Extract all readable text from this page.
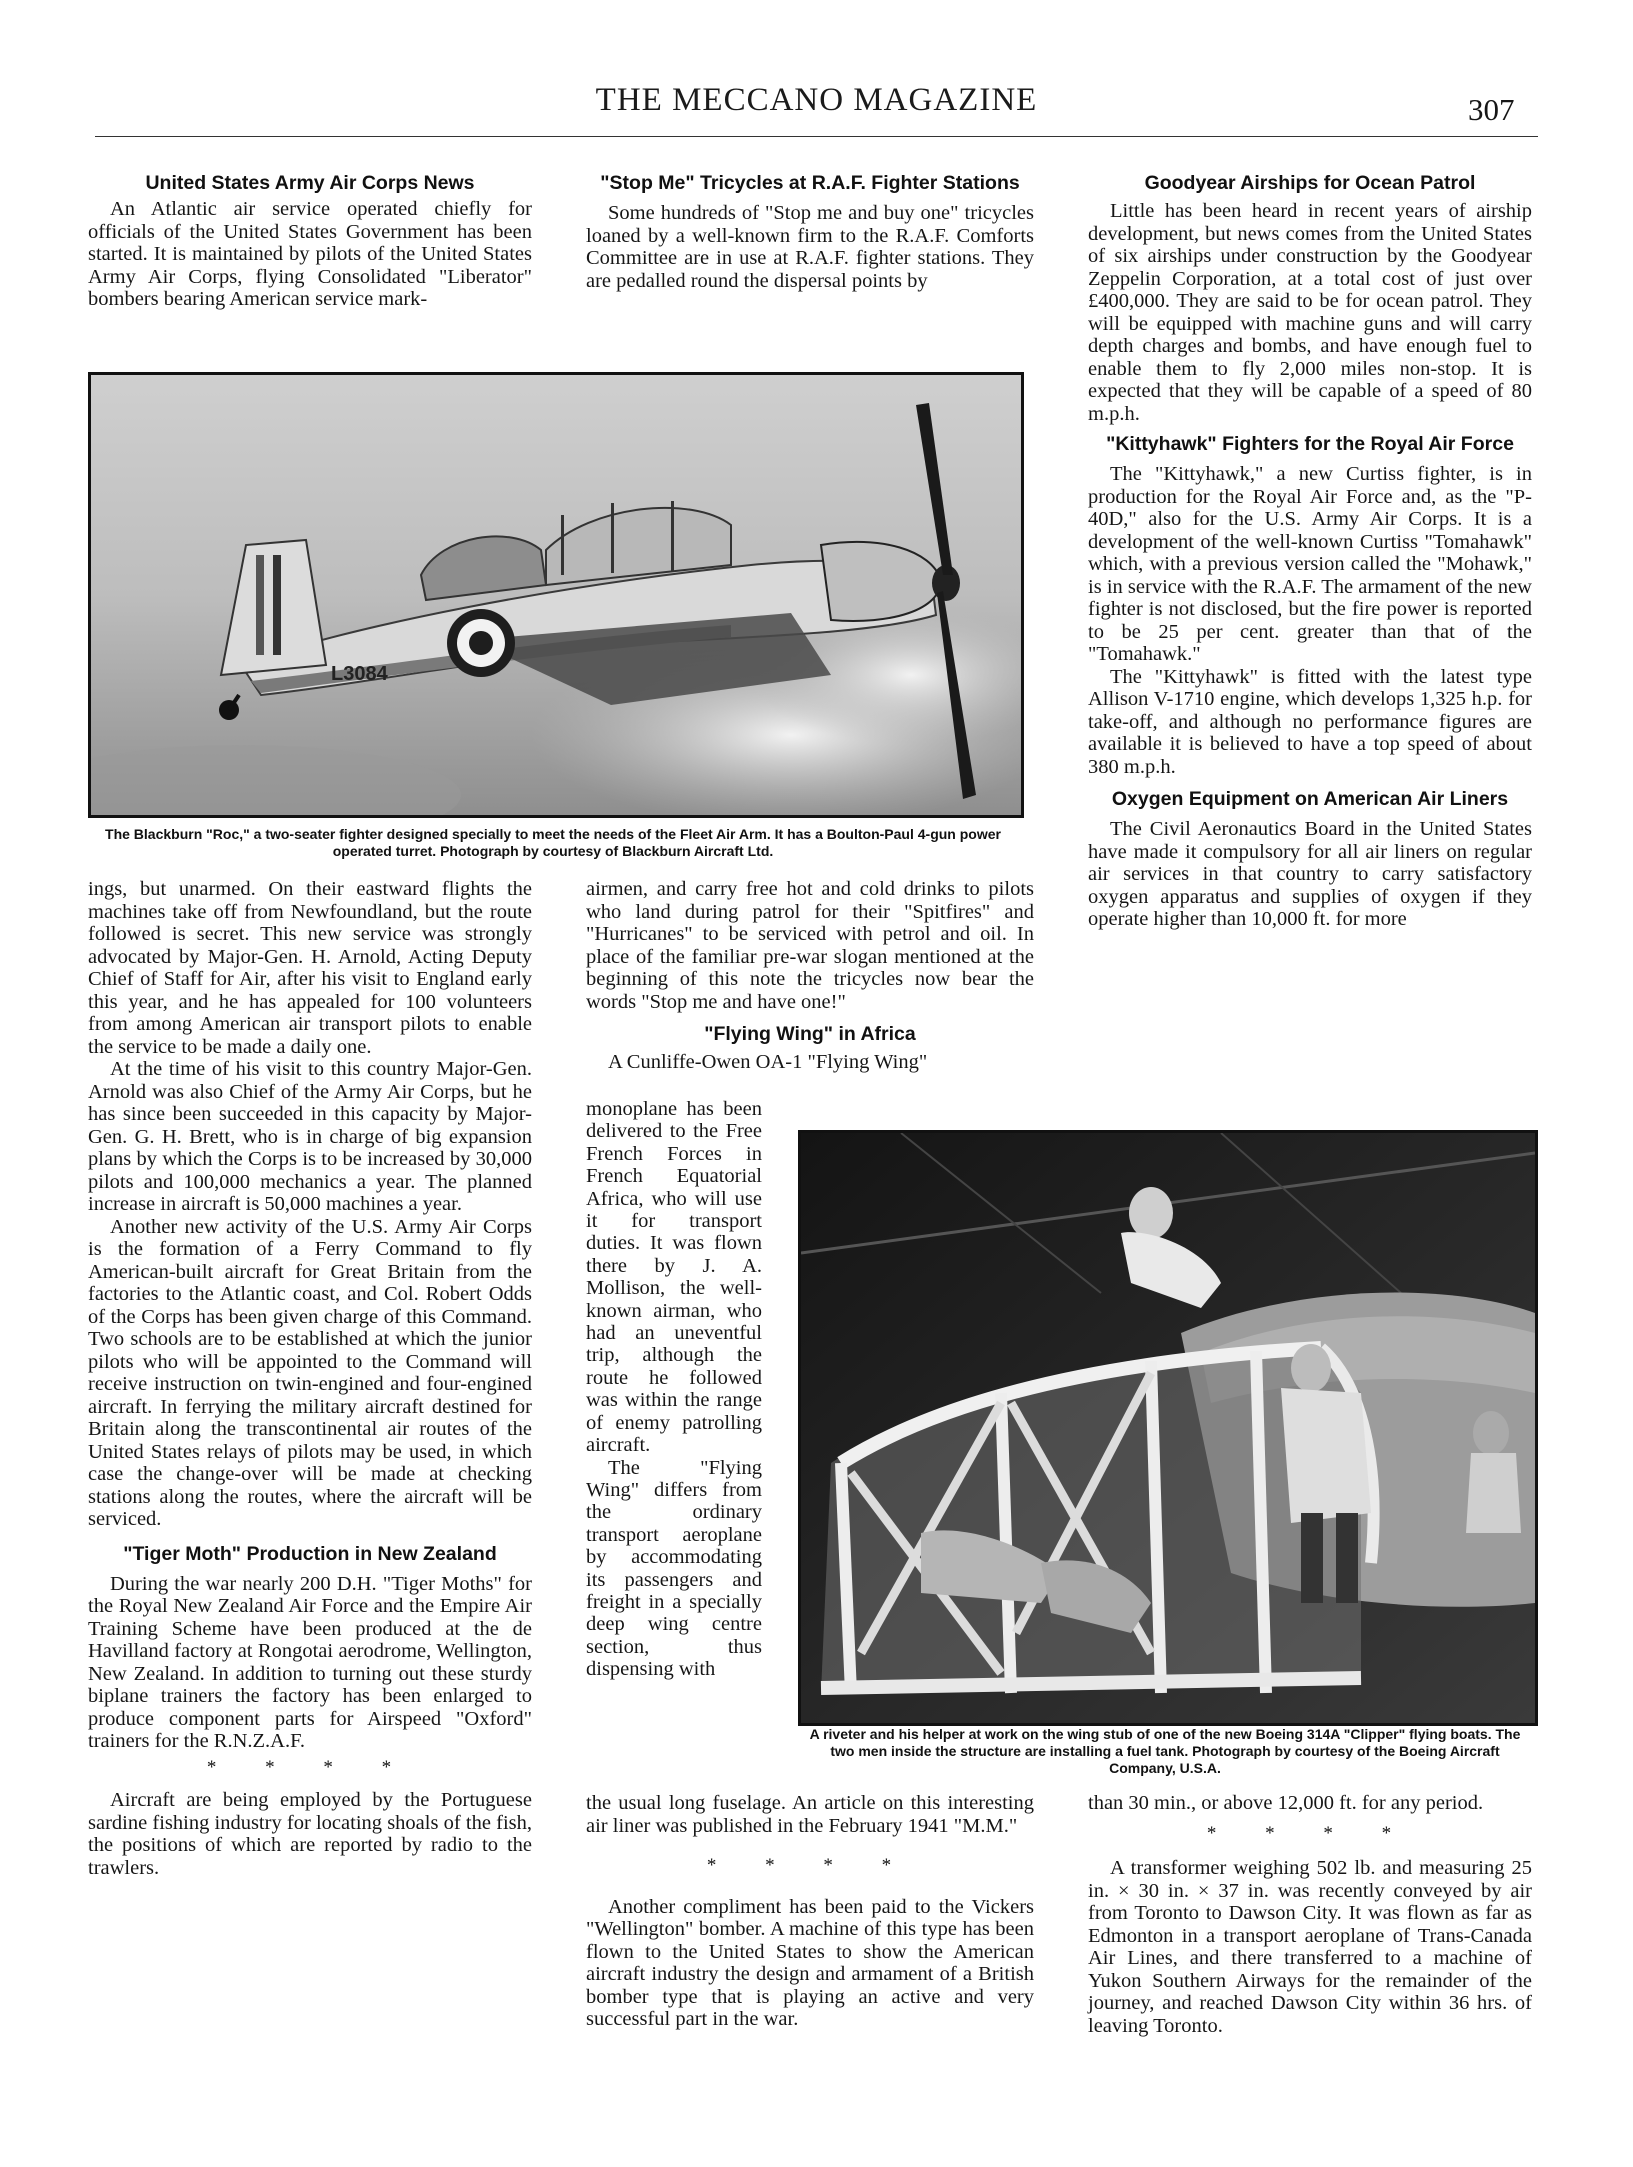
THE MECCANO MAGAZINE	307
United States Army Air Corps News

An Atlantic air service operated chiefly for officials of the United States Government has been started. It is maintained by pilots of the United States Army Air Corps, flying Consolidated "Liberator" bombers bearing American service mark-

"Stop Me" Tricycles at R.A.F. Fighter Stations

Some hundreds of "Stop me and buy one" tricycles loaned by a well-known firm to the R.A.F. Comforts Committee are in use at R.A.F. fighter stations. They are pedalled round the dispersal points by

L3084
The Blackburn "Roc," a two-seater fighter designed specially to meet the needs of the Fleet Air Arm. It has a Boulton-Paul 4-gun power operated turret. Photograph by courtesy of Blackburn Aircraft Ltd.

ings, but unarmed. On their eastward flights the machines take off from Newfoundland, but the route followed is secret. This new service was strongly advocated by Major-Gen. H. Arnold, Acting Deputy Chief of Staff for Air, after his visit to England early this year, and he has appealed for 100 volunteers from among American air transport pilots to enable the service to be made a daily one.

At the time of his visit to this country Major-Gen. Arnold was also Chief of the Army Air Corps, but he has since been succeeded in this capacity by Major-Gen. G. H. Brett, who is in charge of big expansion plans by which the Corps is to be increased by 30,000 pilots and 100,000 mechanics a year. The planned increase in aircraft is 50,000 machines a year.

Another new activity of the U.S. Army Air Corps is the formation of a Ferry Command to fly American-built aircraft for Great Britain from the factories to the Atlantic coast, and Col. Robert Odds of the Corps has been given charge of this Command. Two schools are to be established at which the junior pilots who will be appointed to the Command will receive instruction on twin-engined and four-engined aircraft. In ferrying the military aircraft destined for Britain along the transcontinental air routes of the United States relays of pilots may be used, in which case the change-over will be made at checking stations along the routes, where the aircraft will be serviced.

"Tiger Moth" Production in New Zealand

During the war nearly 200 D.H. "Tiger Moths" for the Royal New Zealand Air Force and the Empire Air Training Scheme have been produced at the de Havilland factory at Rongotai aerodrome, Wellington, New Zealand. In addition to turning out these sturdy biplane trainers the factory has been enlarged to produce component parts for Airspeed "Oxford" trainers for the R.N.Z.A.F.

* * * *

Aircraft are being employed by the Portuguese sardine fishing industry for locating shoals of the fish, the positions of which are reported by radio to the trawlers.

airmen, and carry free hot and cold drinks to pilots who land during patrol for their "Spitfires" and "Hurricanes" to be serviced with petrol and oil. In place of the familiar pre-war slogan mentioned at the beginning of this note the tricycles now bear the words "Stop me and have one!"

"Flying Wing" in Africa

A Cunliffe-Owen OA-1 "Flying Wing"

monoplane has been delivered to the Free French Forces in French Equatorial Africa, who will use it for transport duties. It was flown there by J. A. Mollison, the well-known airman, who had an uneventful trip, although the route he followed was within the range of enemy patrolling aircraft.

The "Flying Wing" differs from the ordinary transport aeroplane by accommodating its passengers and freight in a specially deep wing centre section, thus dispensing with

A riveter and his helper at work on the wing stub of one of the new Boeing 314A "Clipper" flying boats. The two men inside the structure are installing a fuel tank. Photograph by courtesy of the Boeing Aircraft Company, U.S.A.

the usual long fuselage. An article on this interesting air liner was published in the February 1941 "M.M."

* * * *

Another compliment has been paid to the Vickers "Wellington" bomber. A machine of this type has been flown to the United States to show the American aircraft industry the design and armament of a British bomber type that is playing an active and very successful part in the war.

Goodyear Airships for Ocean Patrol

Little has been heard in recent years of airship development, but news comes from the United States of six airships under construction by the Goodyear Zeppelin Corporation, at a total cost of just over £400,000. They are said to be for ocean patrol. They will be equipped with machine guns and will carry depth charges and bombs, and have enough fuel to enable them to fly 2,000 miles non-stop. It is expected that they will be capable of a speed of 80 m.p.h.

"Kittyhawk" Fighters for the Royal Air Force

The "Kittyhawk," a new Curtiss fighter, is in production for the Royal Air Force and, as the "P-40D," also for the U.S. Army Air Corps. It is a development of the well-known Curtiss "Tomahawk" which, with a previous version called the "Mohawk," is in service with the R.A.F. The armament of the new fighter is not disclosed, but the fire power is reported to be 25 per cent. greater than that of the "Tomahawk."

The "Kittyhawk" is fitted with the latest type Allison V-1710 engine, which develops 1,325 h.p. for take-off, and although no performance figures are available it is believed to have a top speed of about 380 m.p.h.

Oxygen Equipment on American Air Liners

The Civil Aeronautics Board in the United States have made it compulsory for all air liners on regular air services in that country to carry satisfactory oxygen apparatus and supplies of oxygen if they operate higher than 10,000 ft. for more

than 30 min., or above 12,000 ft. for any period.

* * * *

A transformer weighing 502 lb. and measuring 25 in. × 30 in. × 37 in. was recently conveyed by air from Toronto to Dawson City. It was flown as far as Edmonton in a transport aeroplane of Trans-Canada Air Lines, and there transferred to a machine of Yukon Southern Airways for the remainder of the journey, and reached Dawson City within 36 hrs. of leaving Toronto.
